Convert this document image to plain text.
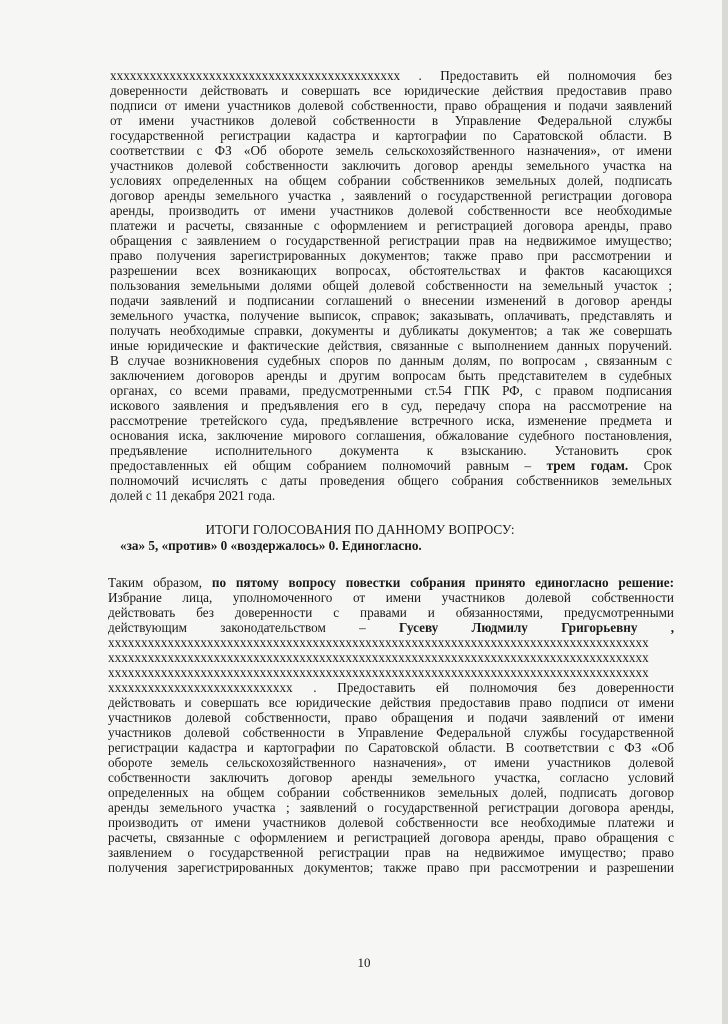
xxxxxxxxxxxxxxxxxxxxxxxxxxxxxxxxxxxxxxxxxxxx . Предоставить ей полномочия без
доверенности действовать и совершать все юридические действия предоставив право
подписи от имени участников долевой собственности, право обращения и подачи заявлений
от имени участников долевой собственности в Управление Федеральной службы
государственной регистрации кадастра и картографии по Саратовской области. В
соответствии с ФЗ «Об обороте земель сельскохозяйственного назначения», от имени
участников долевой собственности заключить договор аренды земельного участка на
условиях определенных на общем собрании собственников земельных долей, подписать
договор аренды земельного участка , заявлений о государственной регистрации договора
аренды, производить от имени участников долевой собственности все необходимые
платежи и расчеты, связанные с оформлением и регистрацией договора аренды, право
обращения с заявлением о государственной регистрации прав на недвижимое имущество;
право получения зарегистрированных документов; также право при рассмотрении и
разрешении всех возникающих вопросах, обстоятельствах и фактов касающихся
пользования земельными долями общей долевой собственности на земельный участок ;
подачи заявлений и подписании соглашений о внесении изменений в договор аренды
земельного участка, получение выписок, справок; заказывать, оплачивать, представлять и
получать необходимые справки, документы и дубликаты документов; а так же совершать
иные юридические и фактические действия, связанные с выполнением данных поручений.
В случае возникновения судебных споров по данным долям, по вопросам , связанным с
заключением договоров аренды и другим вопросам быть представителем в судебных
органах, со всеми правами, предусмотренными ст.54 ГПК РФ, с правом подписания
искового заявления и предъявления его в суд, передачу спора на рассмотрение на
рассмотрение третейского суда, предъявление встречного иска, изменение предмета и
основания иска, заключение мирового соглашения, обжалование судебного постановления,
предъявление исполнительного документа к взысканию. Установить срок
предоставленных ей общим собранием полномочий равным – трем годам. Срок
полномочий исчислять с даты проведения общего собрания собственников земельных
долей с 11 декабря 2021 года.
ИТОГИ ГОЛОСОВАНИЯ ПО ДАННОМУ ВОПРОСУ:
«за» 5, «против» 0 «воздержалось» 0. Единогласно.
Таким образом, по пятому вопросу повестки собрания принято единогласно решение:
Избрание лица, уполномоченного от имени участников долевой собственности
действовать без доверенности с правами и обязанностями, предусмотренными
действующим законодательством –	Гусеву Людмилу Григорьевну ,
xxxxxxxxxxxxxxxxxxxxxxxxxxxxxxxxxxxxxxxxxxxxxxxxxxxxxxxxxxxxxxxxxxxxxxxxxxxxxxxxxx
xxxxxxxxxxxxxxxxxxxxxxxxxxxxxxxxxxxxxxxxxxxxxxxxxxxxxxxxxxxxxxxxxxxxxxxxxxxxxxxxxx
xxxxxxxxxxxxxxxxxxxxxxxxxxxxxxxxxxxxxxxxxxxxxxxxxxxxxxxxxxxxxxxxxxxxxxxxxxxxxxxxxx
xxxxxxxxxxxxxxxxxxxxxxxxxxxx . Предоставить ей полномочия без доверенности
действовать и совершать все юридические действия предоставив право подписи от имени
участников долевой собственности, право обращения и подачи заявлений от имени
участников долевой собственности в Управление Федеральной службы государственной
регистрации кадастра и картографии по Саратовской области. В соответствии с ФЗ «Об
обороте земель сельскохозяйственного назначения», от имени участников долевой
собственности заключить договор аренды земельного участка, согласно условий
определенных на общем собрании собственников земельных долей, подписать договор
аренды земельного участка ; заявлений о государственной регистрации договора аренды,
производить от имени участников долевой собственности все необходимые платежи и
расчеты, связанные с оформлением и регистрацией договора аренды, право обращения с
заявлением о государственной регистрации прав на недвижимое имущество; право
получения зарегистрированных документов; также право при рассмотрении и разрешении
10
